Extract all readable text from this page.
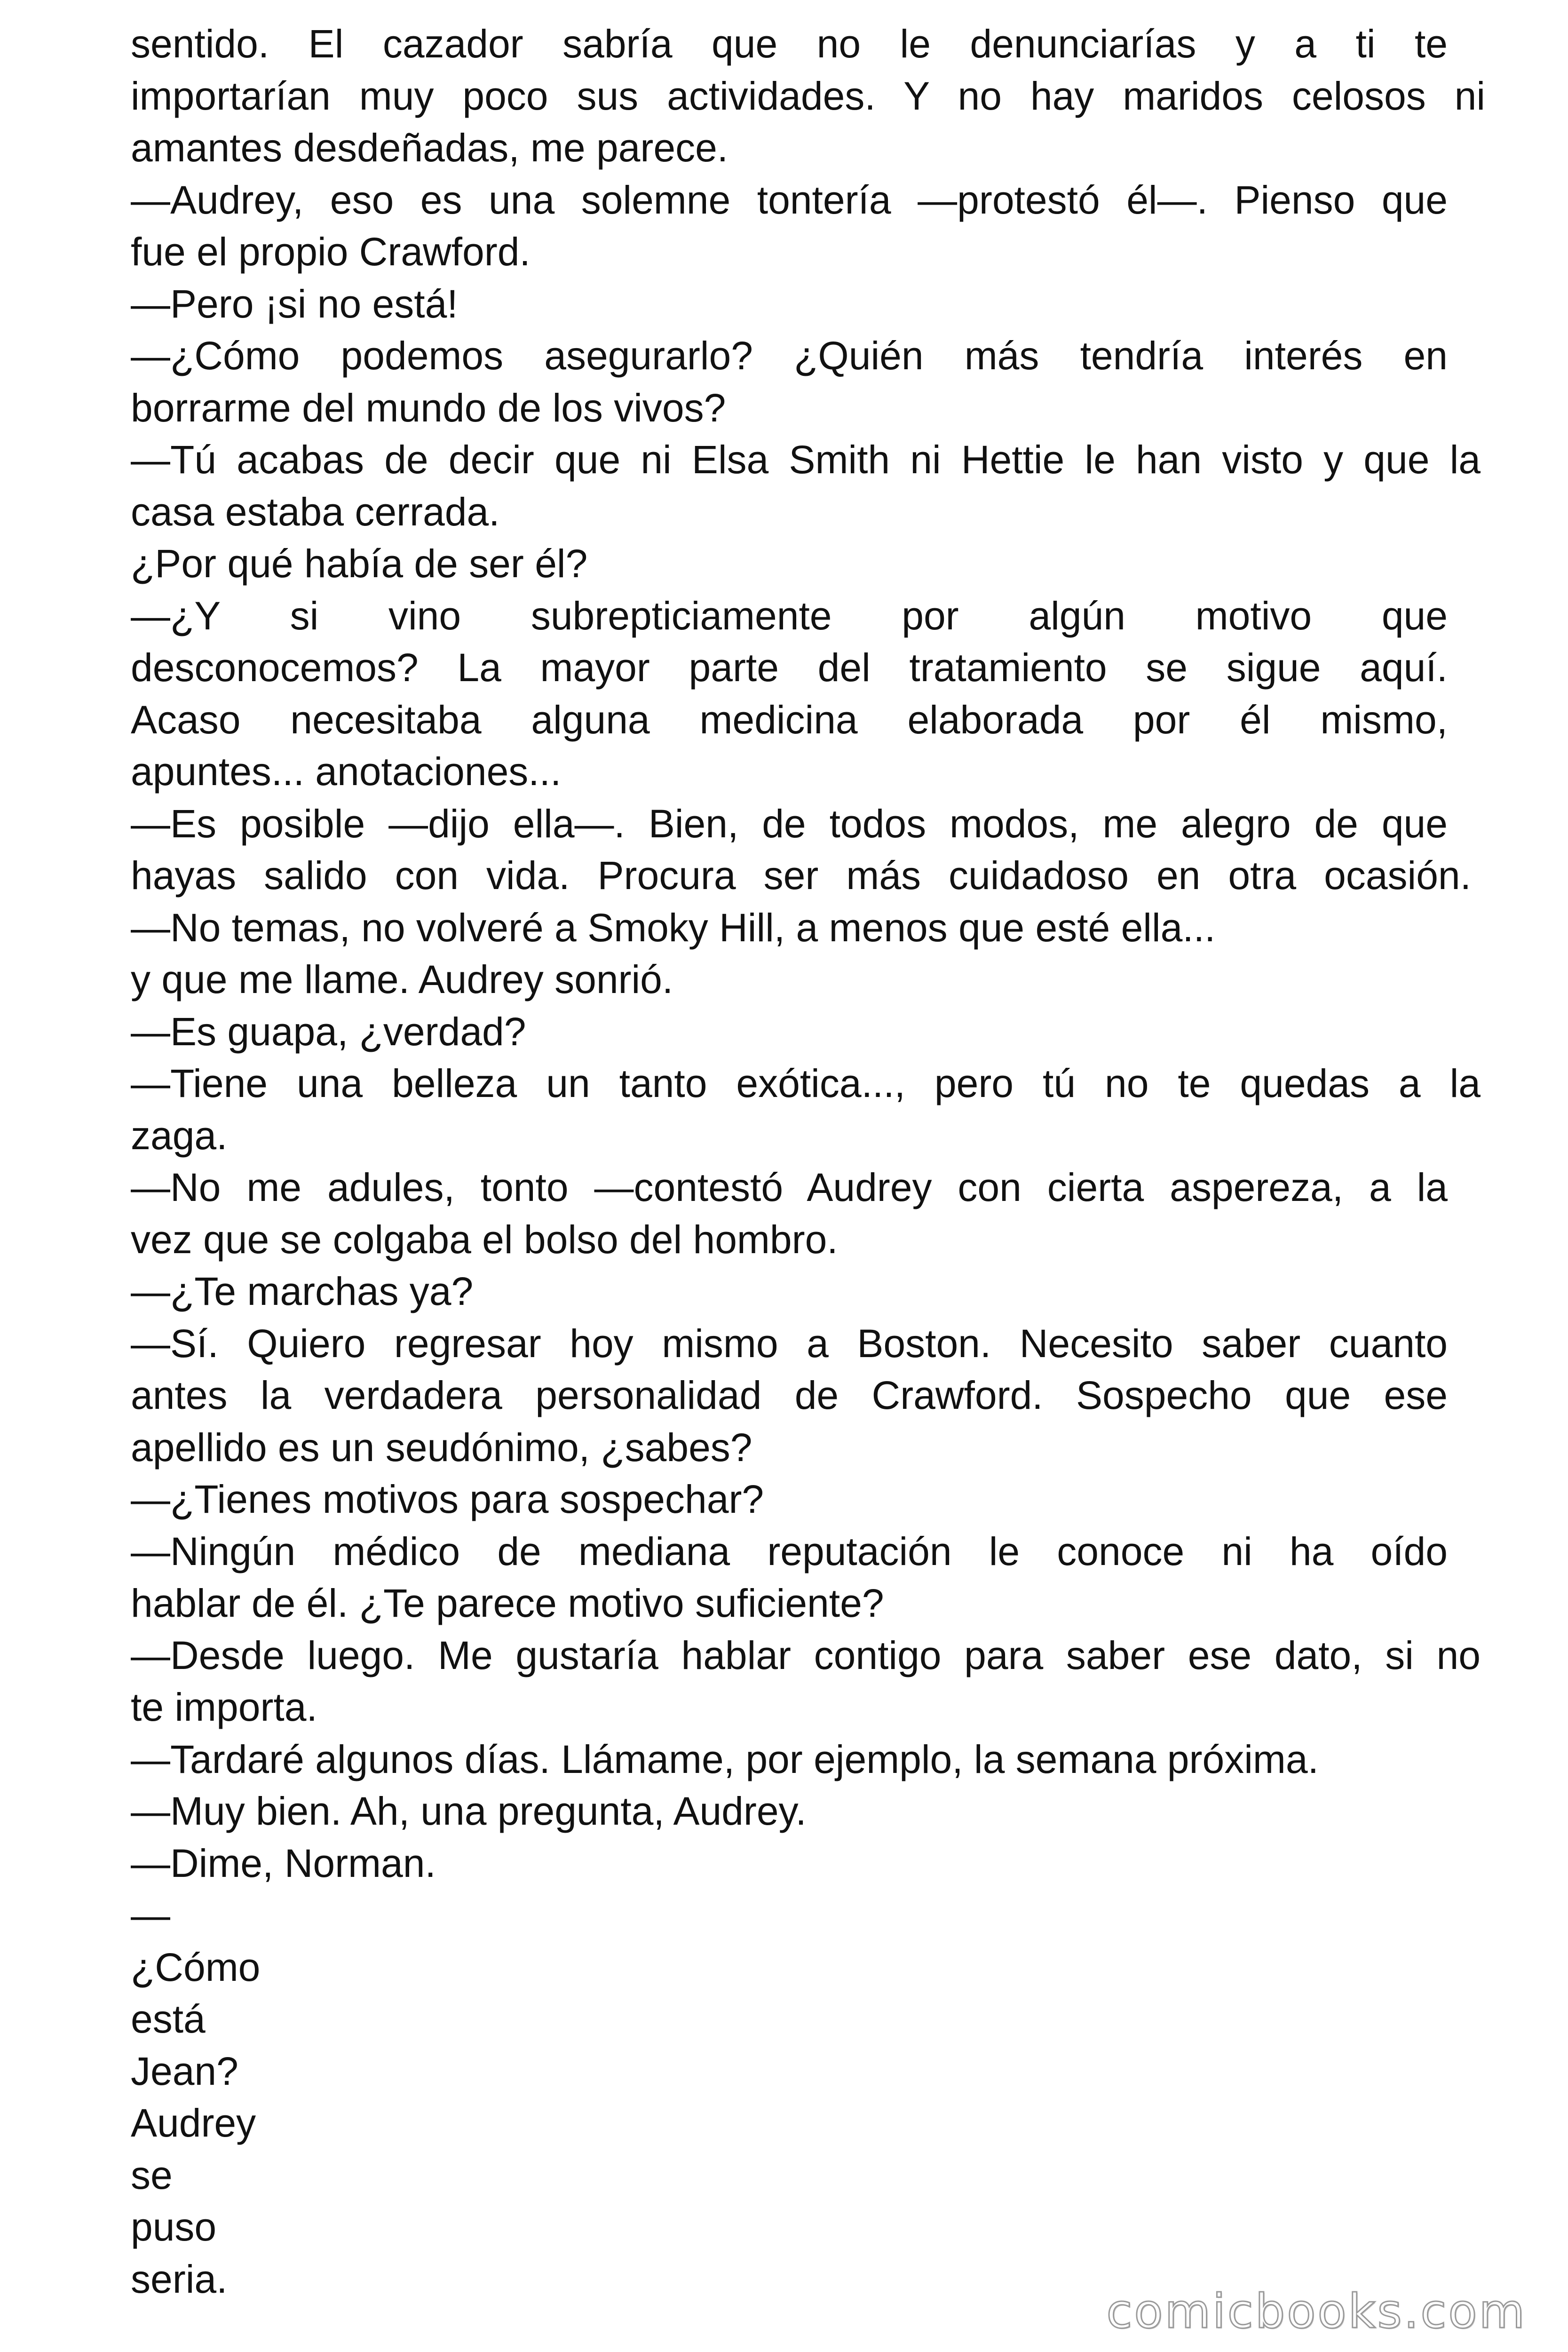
sentido. El cazador sabría que no le denunciarías y a ti te
importarían muy poco sus actividades. Y no hay maridos celosos ni
amantes desdeñadas, me parece.
—Audrey, eso es una solemne tontería —protestó él—. Pienso que
fue el propio Crawford.
—Pero ¡si no está!
—¿Cómo podemos asegurarlo? ¿Quién más tendría interés en
borrarme del mundo de los vivos?
—Tú acabas de decir que ni Elsa Smith ni Hettie le han visto y que la
casa estaba cerrada.
¿Por qué había de ser él?
—¿Y si vino subrepticiamente por algún motivo que
desconocemos? La mayor parte del tratamiento se sigue aquí.
Acaso necesitaba alguna medicina elaborada por él mismo,
apuntes... anotaciones...
—Es posible —dijo ella—. Bien, de todos modos, me alegro de que
hayas salido con vida. Procura ser más cuidadoso en otra ocasión.
—No temas, no volveré a Smoky Hill, a menos que esté ella...
y que me llame. Audrey sonrió.
—Es guapa, ¿verdad?
—Tiene una belleza un tanto exótica..., pero tú no te quedas a la
zaga.
—No me adules, tonto —contestó Audrey con cierta aspereza, a la
vez que se colgaba el bolso del hombro.
—¿Te marchas ya?
—Sí. Quiero regresar hoy mismo a Boston. Necesito saber cuanto
antes la verdadera personalidad de Crawford. Sospecho que ese
apellido es un seudónimo, ¿sabes?
—¿Tienes motivos para sospechar?
—Ningún médico de mediana reputación le conoce ni ha oído
hablar de él. ¿Te parece motivo suficiente?
—Desde luego. Me gustaría hablar contigo para saber ese dato, si no
te importa.
—Tardaré algunos días. Llámame, por ejemplo, la semana próxima.
—Muy bien. Ah, una pregunta, Audrey.
—Dime, Norman.
—
¿Cómo
está
Jean?
Audrey
se
puso
seria.
comicbooks.com
